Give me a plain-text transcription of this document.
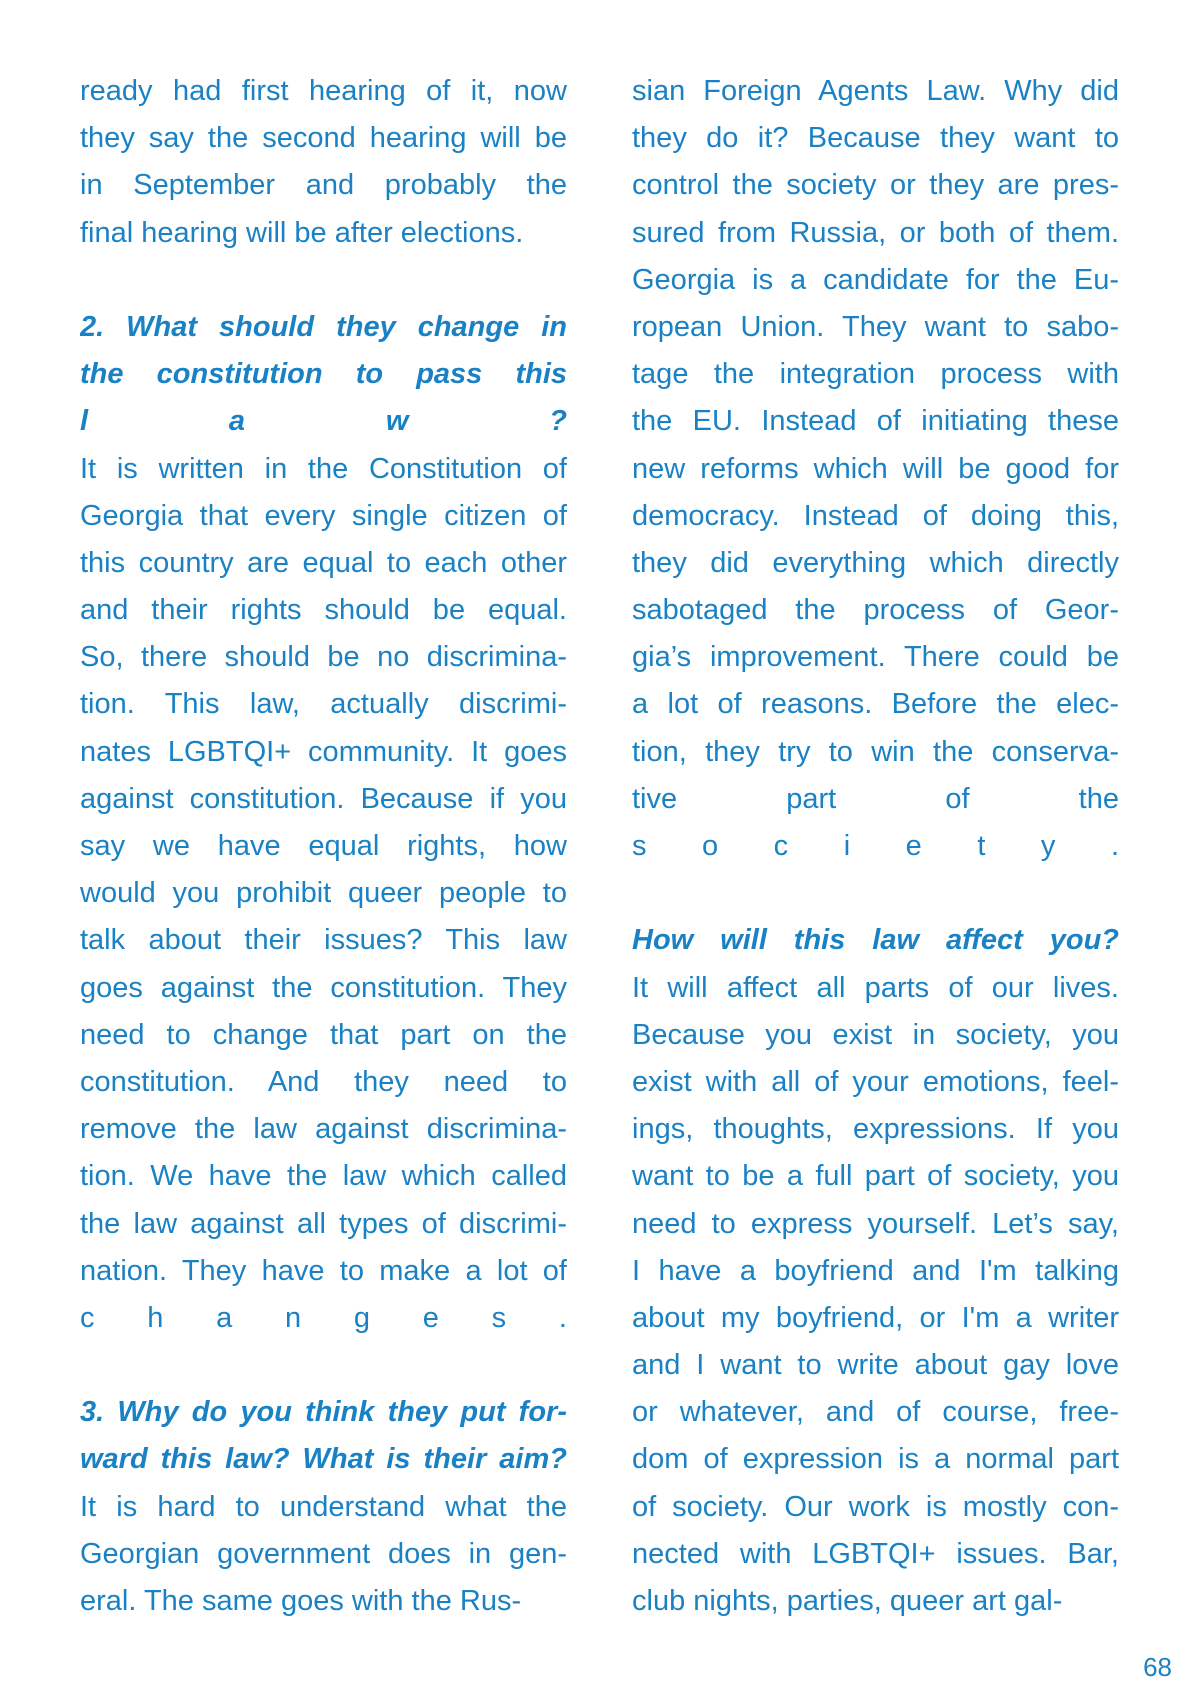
ready had first hearing of it, now
they say the second hearing will be
in September and probably the
final hearing will be after elections.
2. What should they change in
the constitution to pass this
l a w ?
It is written in the Constitution of
Georgia that every single citizen of
this country are equal to each other
and their rights should be equal.
So, there should be no discrimina-
tion. This law, actually discrimi-
nates LGBTQI+ community. It goes
against constitution. Because if you
say we have equal rights, how
would you prohibit queer people to
talk about their issues? This law
goes against the constitution. They
need to change that part on the
constitution. And they need to
remove the law against discrimina-
tion. We have the law which called
the law against all types of discrimi-
nation. They have to make a lot of
c h a n g e s .
3. Why do you think they put for-
ward this law? What is their aim?
It is hard to understand what the
Georgian government does in gen-
eral. The same goes with the Rus-
sian Foreign Agents Law. Why did
they do it? Because they want to
control the society or they are pres-
sured from Russia, or both of them.
Georgia is a candidate for the Eu-
ropean Union. They want to sabo-
tage the integration process with
the EU. Instead of initiating these
new reforms which will be good for
democracy. Instead of doing this,
they did everything which directly
sabotaged the process of Geor-
gia’s improvement. There could be
a lot of reasons. Before the elec-
tion, they try to win the conserva-
tive part of the
s o c i e t y .
How will this law affect you?
It will affect all parts of our lives.
Because you exist in society, you
exist with all of your emotions, feel-
ings, thoughts, expressions. If you
want to be a full part of society, you
need to express yourself. Let’s say,
I have a boyfriend and I'm talking
about my boyfriend, or I'm a writer
and I want to write about gay love
or whatever, and of course, free-
dom of expression is a normal part
of society. Our work is mostly con-
nected with LGBTQI+ issues. Bar,
club nights, parties, queer art gal-
68
